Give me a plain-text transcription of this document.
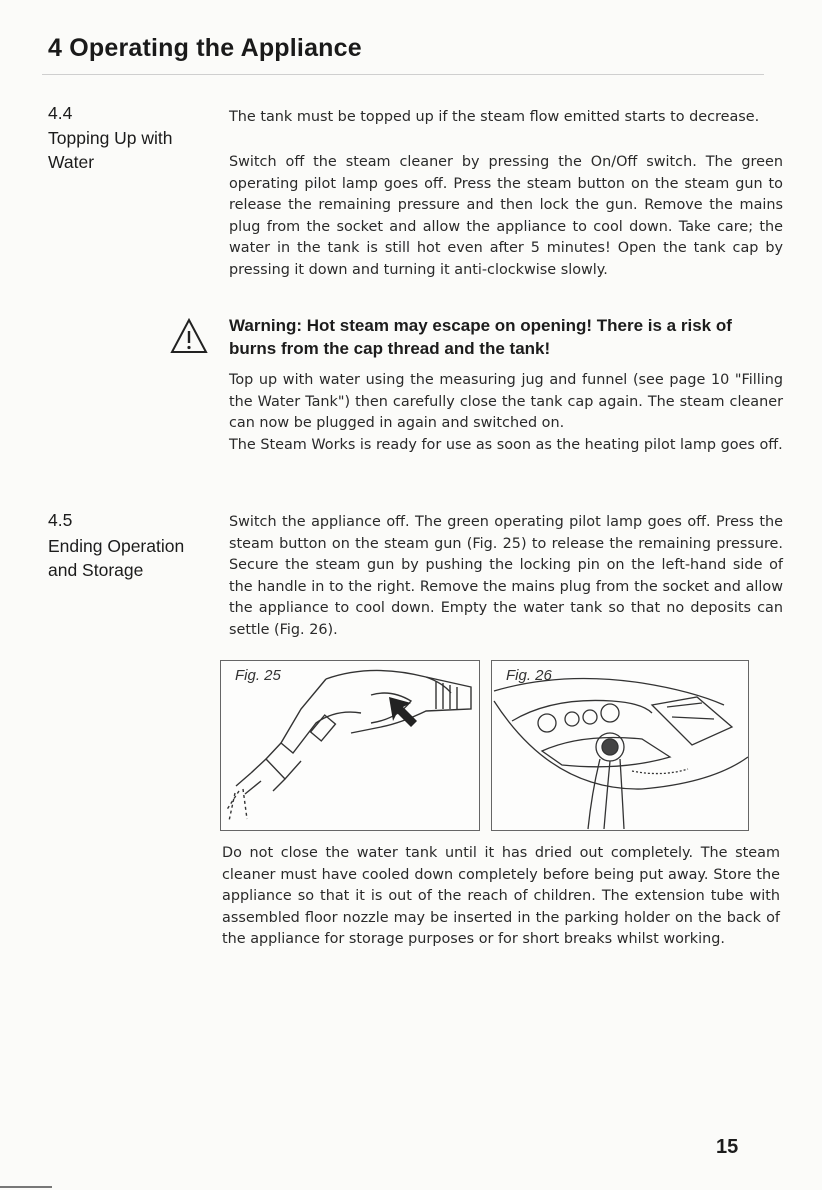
4 Operating the Appliance
4.4
Topping Up with Water

The tank must be topped up if the steam flow emitted starts to decrease.

Switch off the steam cleaner by pressing the On/Off switch. The green operating pilot lamp goes off. Press the steam button on the steam gun to release the remaining pressure and then lock the gun. Remove the mains plug from the socket and allow the appliance to cool down. Take care; the water in the tank is still hot even after 5 minutes! Open the tank cap by pressing it down and turning it anti-clockwise slowly.

Warning: Hot steam may escape on opening! There is a risk of burns from the cap thread and the tank!

Top up with water using the measuring jug and funnel (see page 10 "Filling the Water Tank") then carefully close the tank cap again. The steam cleaner can now be plugged in again and switched on.

The Steam Works is ready for use as soon as the heating pilot lamp goes off.

4.5
Ending Operation and Storage

Switch the appliance off. The green operating pilot lamp goes off. Press the steam button on the steam gun (Fig. 25) to release the remaining pressure. Secure the steam gun by pushing the locking pin on the left-hand side of the handle in to the right. Remove the mains plug from the socket and allow the appliance to cool down. Empty the water tank so that no deposits can settle (Fig. 26).

Fig. 25	Fig. 26

Do not close the water tank until it has dried out completely. The steam cleaner must have cooled down completely before being put away. Store the appliance so that it is out of the reach of children. The extension tube with assembled floor nozzle may be inserted in the parking holder on the back of the appliance for storage purposes or for short breaks whilst working.

15
